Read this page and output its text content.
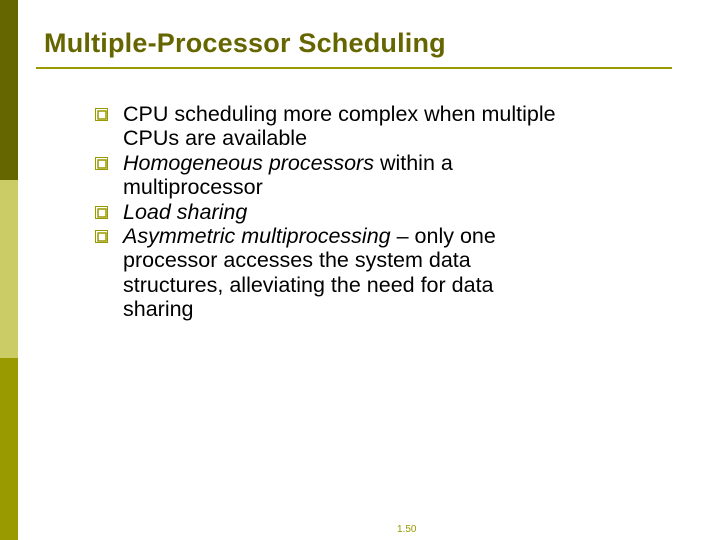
Multiple-Processor Scheduling
CPU scheduling more complex when multiple CPUs are available
Homogeneous processors within a multiprocessor
Load sharing
Asymmetric multiprocessing – only one processor accesses the system data structures, alleviating the need for data sharing
1.50
